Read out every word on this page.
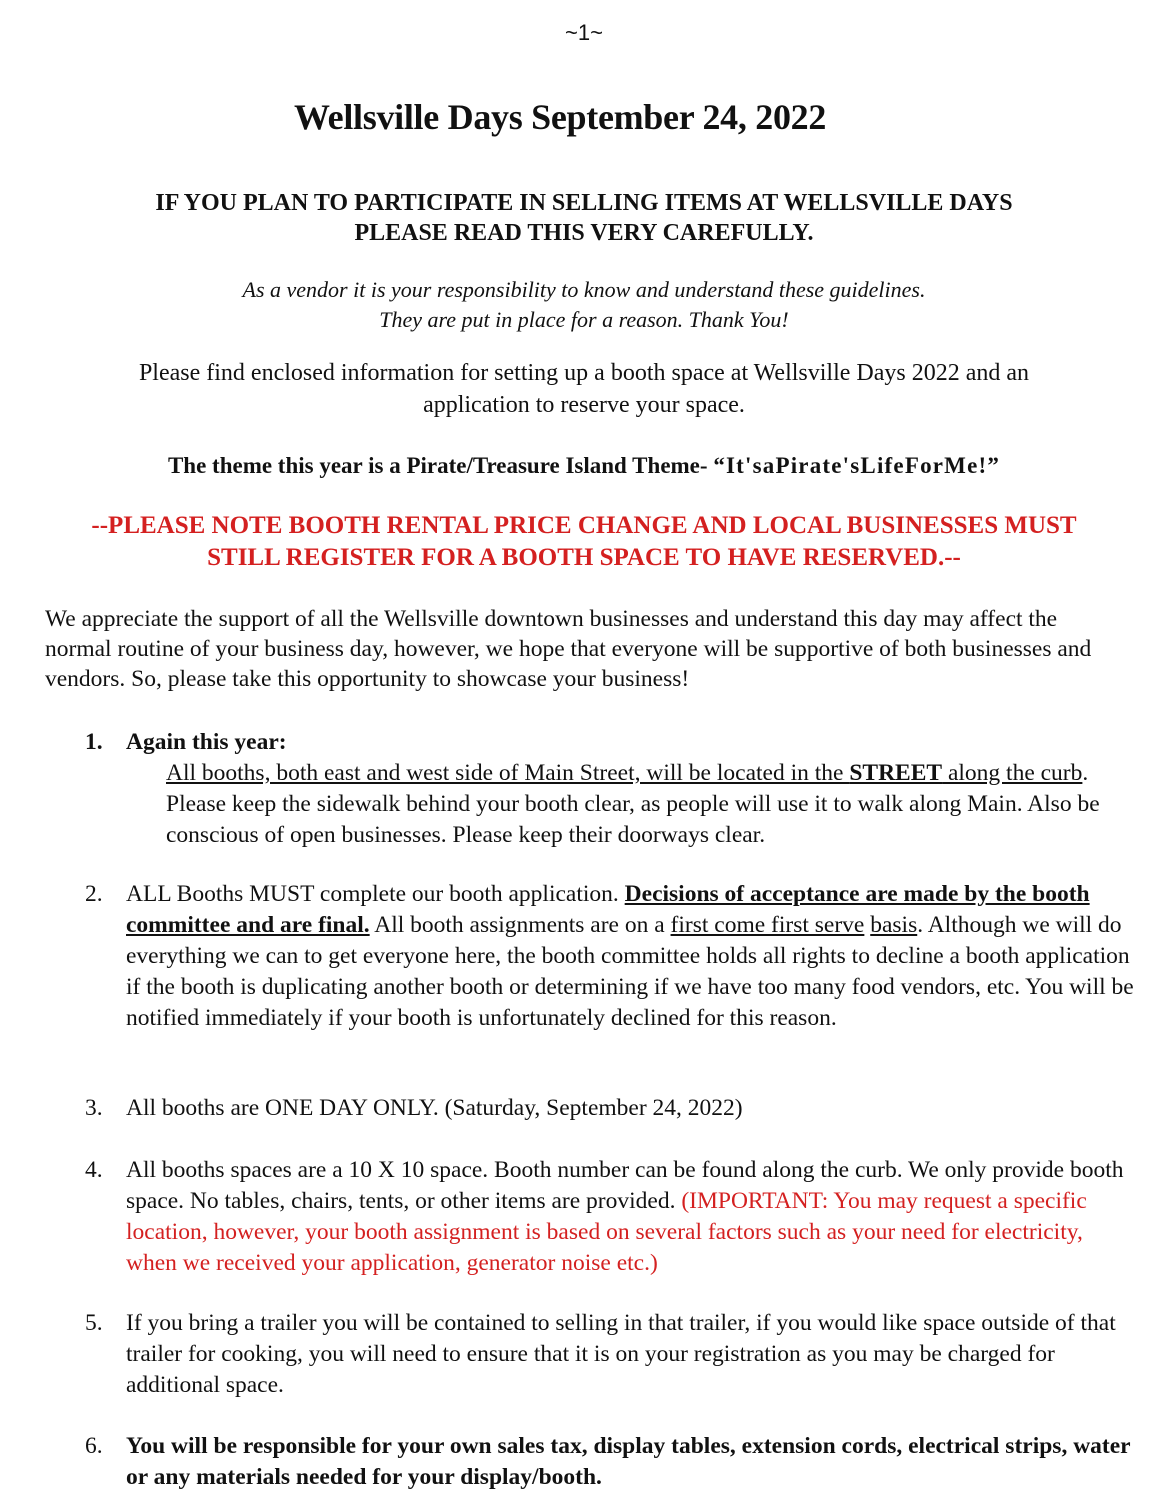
~1~
Wellsville Days September 24, 2022
IF YOU PLAN TO PARTICIPATE IN SELLING ITEMS AT WELLSVILLE DAYS
PLEASE READ THIS VERY CAREFULLY.
As a vendor it is your responsibility to know and understand these guidelines.
They are put in place for a reason. Thank You!
Please find enclosed information for setting up a booth space at Wellsville Days 2022 and an
application to reserve your space.
The theme this year is a Pirate/Treasure Island Theme- “It'saPirate'sLifeForMe!”
--PLEASE NOTE BOOTH RENTAL PRICE CHANGE AND LOCAL BUSINESSES MUST
STILL REGISTER FOR A BOOTH SPACE TO HAVE RESERVED.--
We appreciate the support of all the Wellsville downtown businesses and understand this day may affect the normal routine of your business day, however, we hope that everyone will be supportive of both businesses and vendors. So, please take this opportunity to showcase your business!
1. Again this year:
All booths, both east and west side of Main Street, will be located in the STREET along the curb. Please keep the sidewalk behind your booth clear, as people will use it to walk along Main. Also be conscious of open businesses. Please keep their doorways clear.
2. ALL Booths MUST complete our booth application. Decisions of acceptance are made by the booth committee and are final. All booth assignments are on a first come first serve basis. Although we will do everything we can to get everyone here, the booth committee holds all rights to decline a booth application if the booth is duplicating another booth or determining if we have too many food vendors, etc. You will be notified immediately if your booth is unfortunately declined for this reason.
3. All booths are ONE DAY ONLY. (Saturday, September 24, 2022)
4. All booths spaces are a 10 X 10 space. Booth number can be found along the curb. We only provide booth space. No tables, chairs, tents, or other items are provided. (IMPORTANT: You may request a specific location, however, your booth assignment is based on several factors such as your need for electricity, when we received your application, generator noise etc.)
5. If you bring a trailer you will be contained to selling in that trailer, if you would like space outside of that trailer for cooking, you will need to ensure that it is on your registration as you may be charged for additional space.
6. You will be responsible for your own sales tax, display tables, extension cords, electrical strips, water or any materials needed for your display/booth.
